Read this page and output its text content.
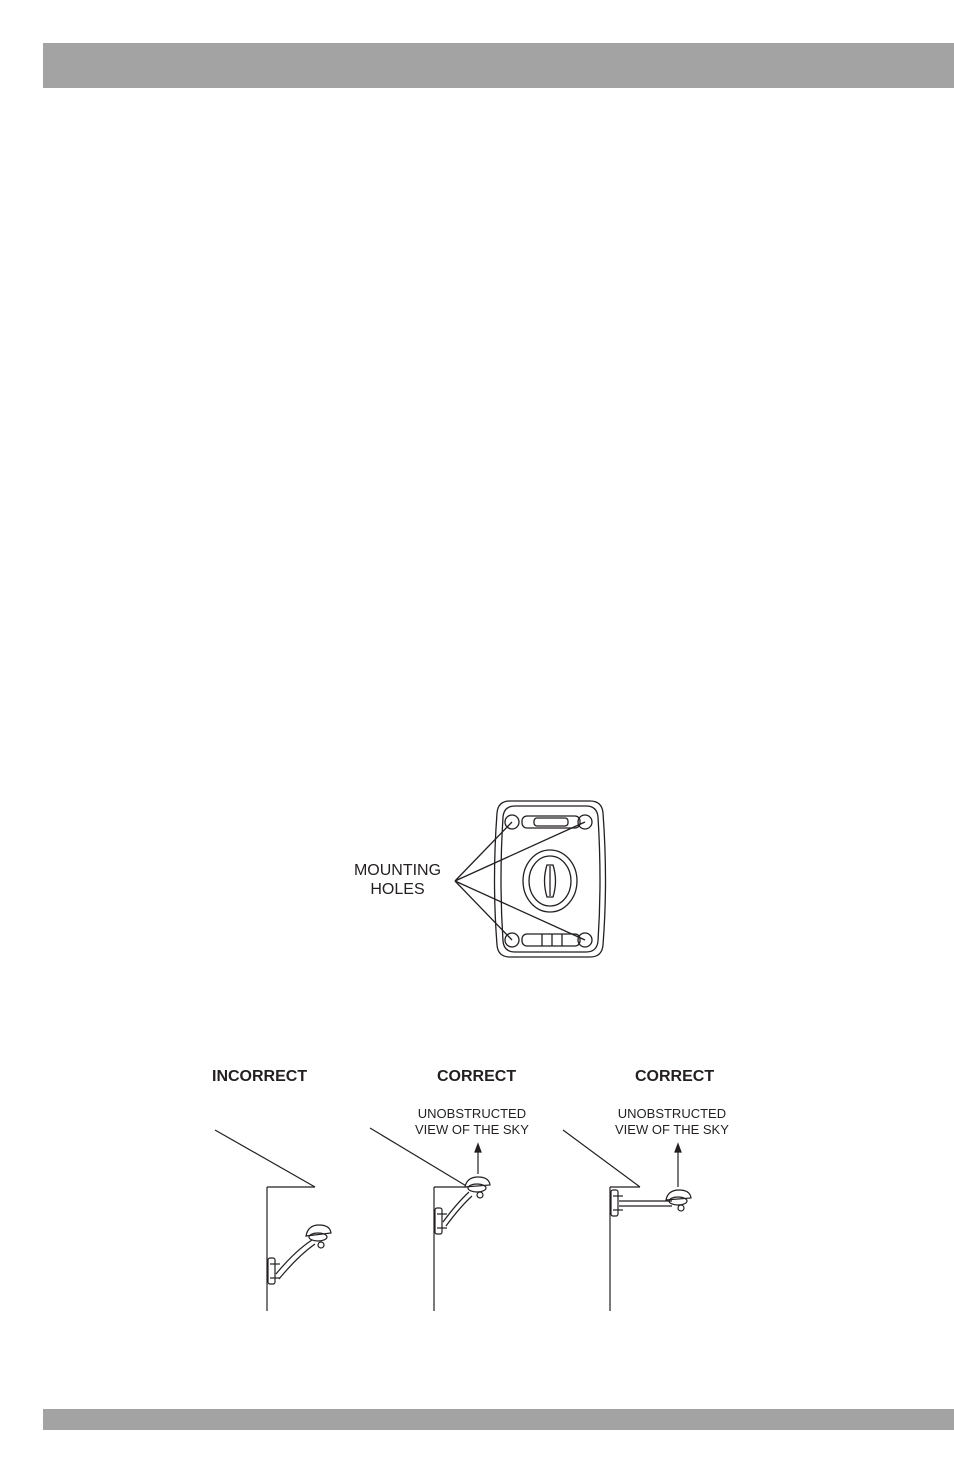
MOUNTING
HOLES
INCORRECT	CORRECT
UNOBSTRUCTED
VIEW OF THE SKY
CORRECT
UNOBSTRUCTED
VIEW OF THE SKY
